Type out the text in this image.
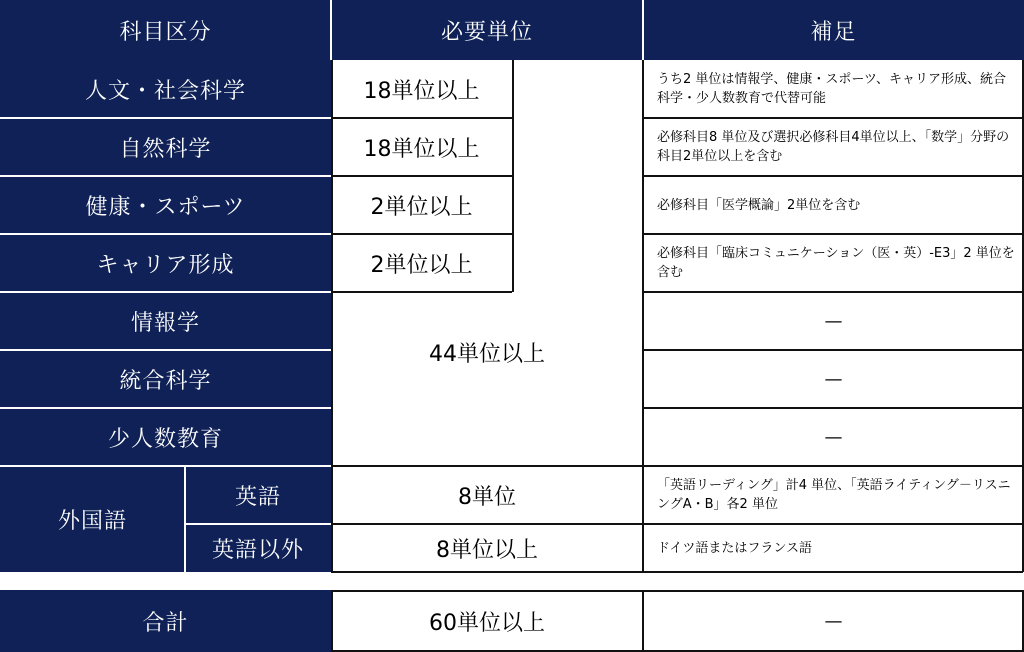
科目区分	必要単位	補足
人文・社会科学
自然科学
健康・スポーツ
キャリア形成
情報学
統合科学
少人数教育
外国語
英語
英語以外
合計
18単位以上
18単位以上
2単位以上
2単位以上
44単位以上
8単位
8単位以上
60単位以上
うち2 単位は情報学、健康・スポーツ、キャリア形成、統合科学・少人数教育で代替可能
必修科目8 単位及び選択必修科目4単位以上、「数学」分野の科目2単位以上を含む
必修科目「医学概論」2単位を含む
必修科目「臨床コミュニケーション（医・英）-E3」2 単位を含む
—
—
—
「英語リーディング」計4 単位、「英語ライティング－リスニングA・B」各2 単位
ドイツ語またはフランス語
—
